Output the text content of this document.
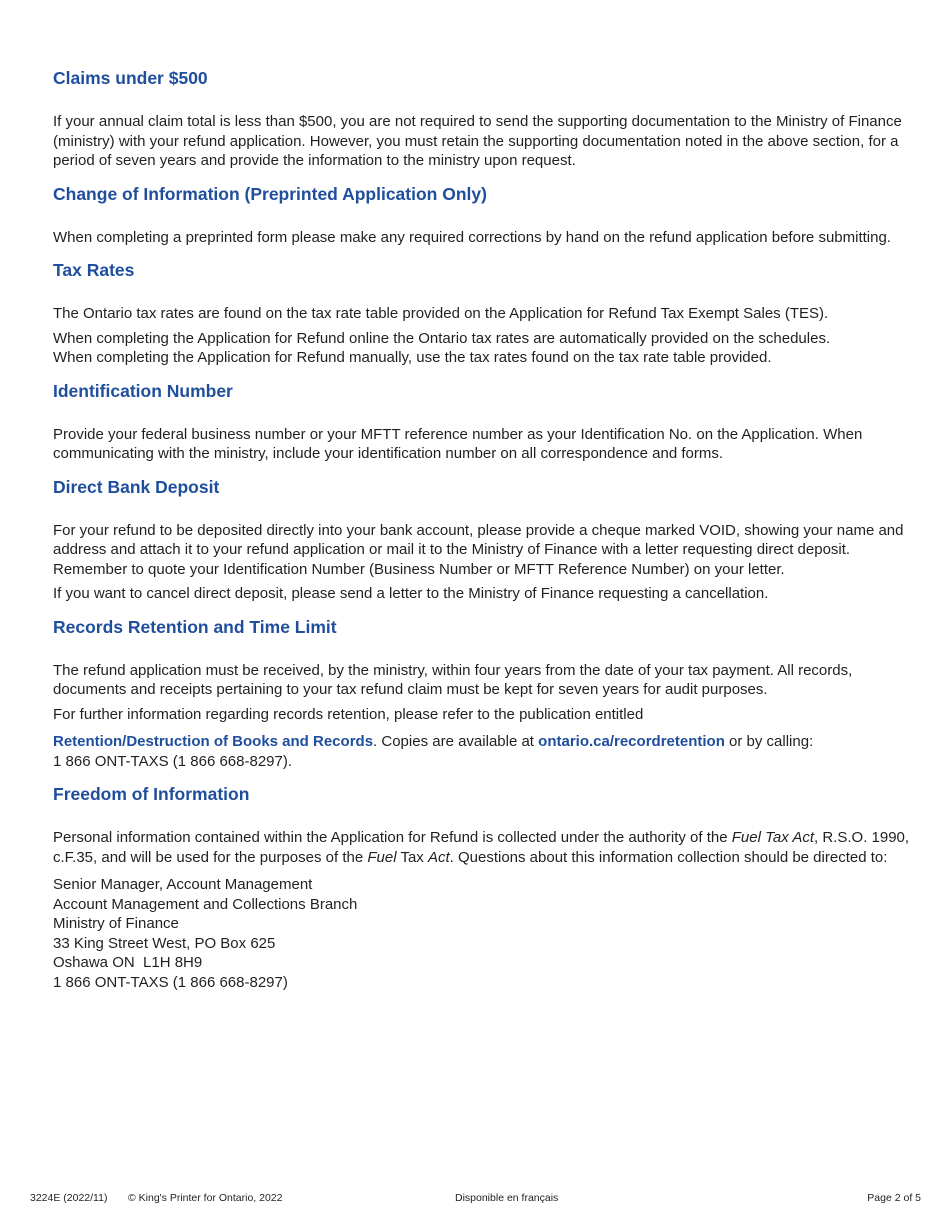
Claims under $500

If your annual claim total is less than $500, you are not required to send the supporting documentation to the Ministry of Finance (ministry) with your refund application. However, you must retain the supporting documentation noted in the above section, for a period of seven years and provide the information to the ministry upon request.

Change of Information (Preprinted Application Only)

When completing a preprinted form please make any required corrections by hand on the refund application before submitting.

Tax Rates

The Ontario tax rates are found on the tax rate table provided on the Application for Refund Tax Exempt Sales (TES).

When completing the Application for Refund online the Ontario tax rates are automatically provided on the schedules.

When completing the Application for Refund manually, use the tax rates found on the tax rate table provided.

Identification Number

Provide your federal business number or your MFTT reference number as your Identification No. on the Application. When communicating with the ministry, include your identification number on all correspondence and forms.

Direct Bank Deposit

For your refund to be deposited directly into your bank account, please provide a cheque marked VOID, showing your name and address and attach it to your refund application or mail it to the Ministry of Finance with a letter requesting direct deposit. Remember to quote your Identification Number (Business Number or MFTT Reference Number) on your letter.

If you want to cancel direct deposit, please send a letter to the Ministry of Finance requesting a cancellation.

Records Retention and Time Limit

The refund application must be received, by the ministry, within four years from the date of your tax payment. All records, documents and receipts pertaining to your tax refund claim must be kept for seven years for audit purposes.

For further information regarding records retention, please refer to the publication entitled

Retention/Destruction of Books and Records. Copies are available at ontario.ca/recordretention or by calling:
1 866 ONT-TAXS (1 866 668-8297).

Freedom of Information

Personal information contained within the Application for Refund is collected under the authority of the Fuel Tax Act, R.S.O. 1990, c.F.35, and will be used for the purposes of the Fuel Tax Act. Questions about this information collection should be directed to:

Senior Manager, Account Management

Account Management and Collections Branch

Ministry of Finance

33 King Street West, PO Box 625

Oshawa ON  L1H 8H9

1 866 ONT-TAXS (1 866 668-8297)

3224E (2022/11) © King's Printer for Ontario, 2022	Disponible en français	Page 2 of 5
